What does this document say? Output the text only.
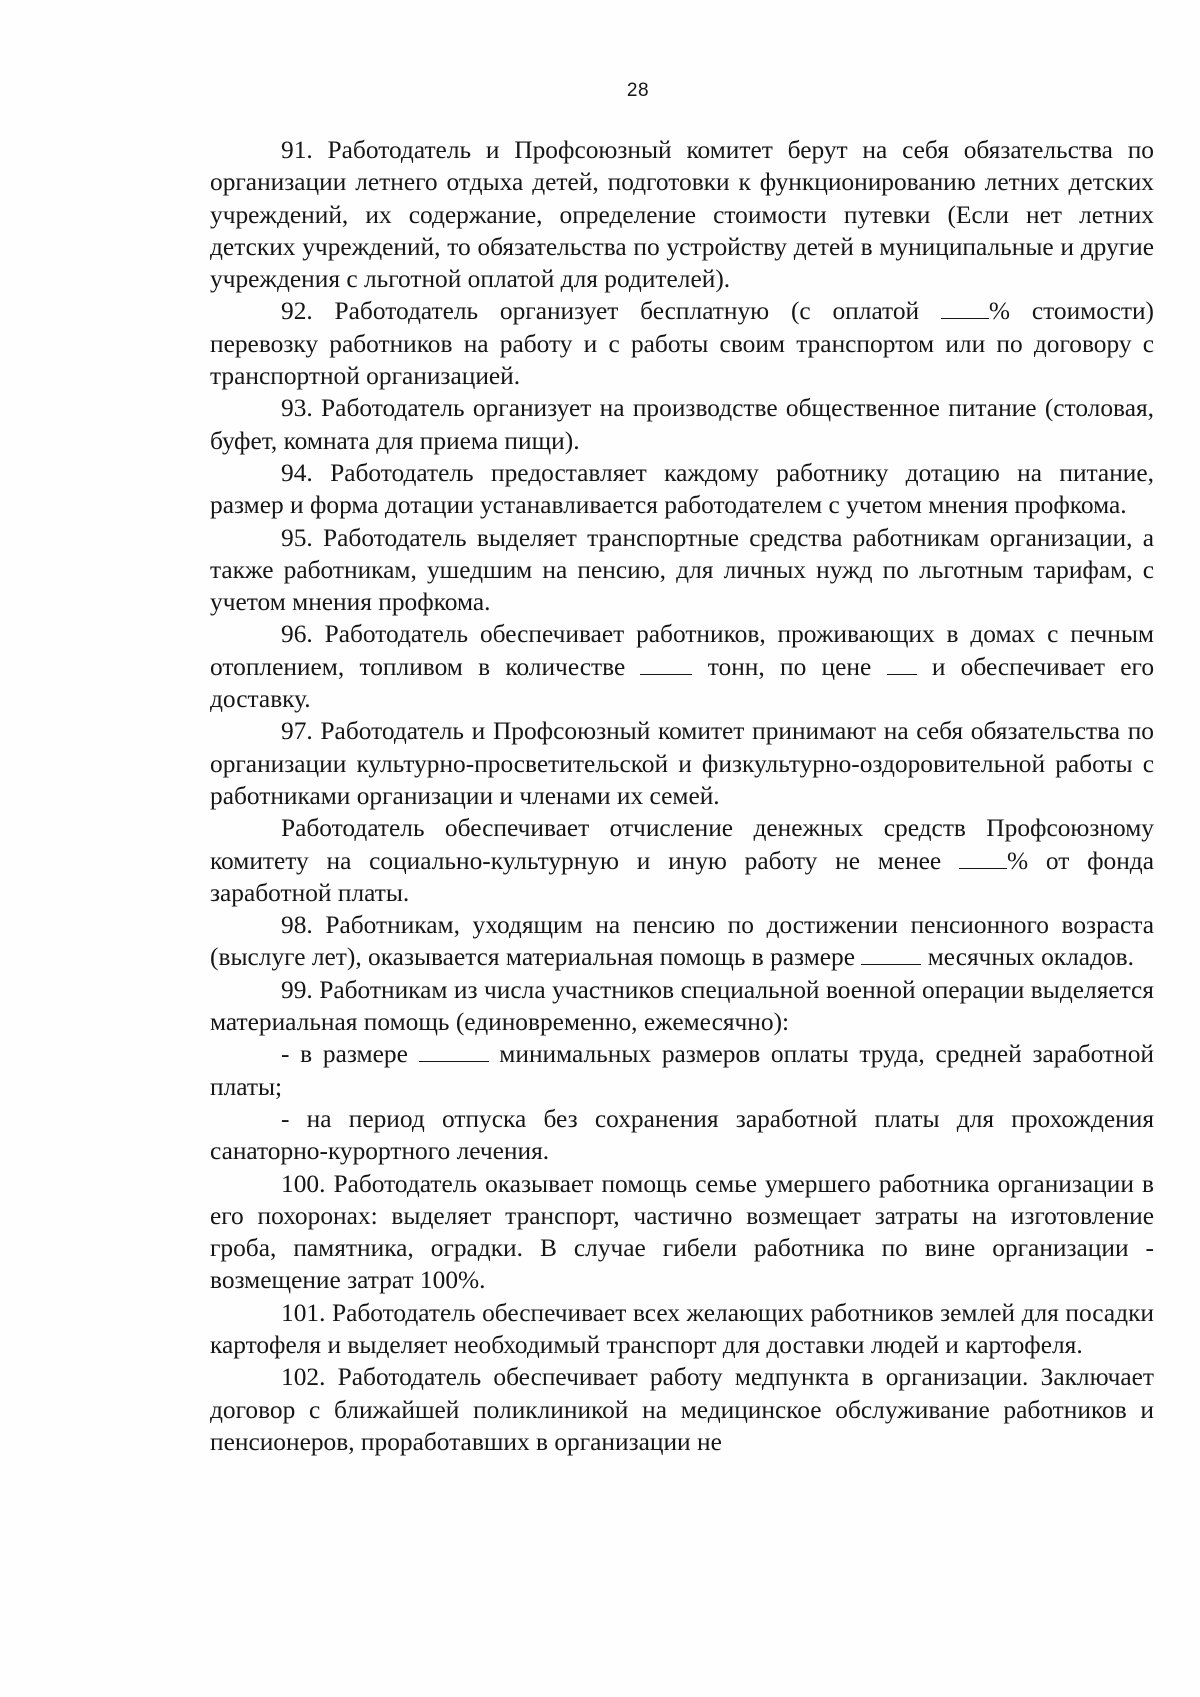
28

91. Работодатель и Профсоюзный комитет берут на себя обязательства по организации летнего отдыха детей, подготовки к функционированию летних детских учреждений, их содержание, определение стоимости путевки (Если нет летних детских учреждений, то обязательства по устройству детей в муниципальные и другие учреждения с льготной оплатой для родителей).

92. Работодатель организует бесплатную (с оплатой % стоимости) перевозку работников на работу и с работы своим транспортом или по договору с транспортной организацией.

93. Работодатель организует на производстве общественное питание (столовая, буфет, комната для приема пищи).

94. Работодатель предоставляет каждому работнику дотацию на питание, размер и форма дотации устанавливается работодателем с учетом мнения профкома.

95. Работодатель выделяет транспортные средства работникам организации, а также работникам, ушедшим на пенсию, для личных нужд по льготным тарифам, с учетом мнения профкома.

96. Работодатель обеспечивает работников, проживающих в домах с печным отоплением, топливом в количестве  тонн, по цене  и обеспечивает его доставку.

97. Работодатель и Профсоюзный комитет принимают на себя обязательства по организации культурно-просветительской и физкультурно-оздоровительной работы с работниками организации и членами их семей.

Работодатель обеспечивает отчисление денежных средств Профсоюзному комитету на социально-культурную и иную работу не менее % от фонда заработной платы.

98. Работникам, уходящим на пенсию по достижении пенсионного возраста (выслуге лет), оказывается материальная помощь в размере  месячных окладов.

99. Работникам из числа участников специальной военной операции выделяется материальная помощь (единовременно, ежемесячно):

- в размере	минимальных размеров оплаты труда, средней заработной платы;

- на период отпуска без сохранения заработной платы для прохождения санаторно-курортного лечения.

100. Работодатель оказывает помощь семье умершего работника организации в его похоронах: выделяет транспорт, частично возмещает затраты на изготовление гроба, памятника, оградки. В случае гибели работника по вине организации - возмещение затрат 100%.

101. Работодатель обеспечивает всех желающих работников землей для посадки картофеля и выделяет необходимый транспорт для доставки людей и картофеля.

102. Работодатель обеспечивает работу медпункта в организации. Заключает договор с ближайшей поликлиникой на медицинское обслуживание работников и пенсионеров, проработавших в организации не
